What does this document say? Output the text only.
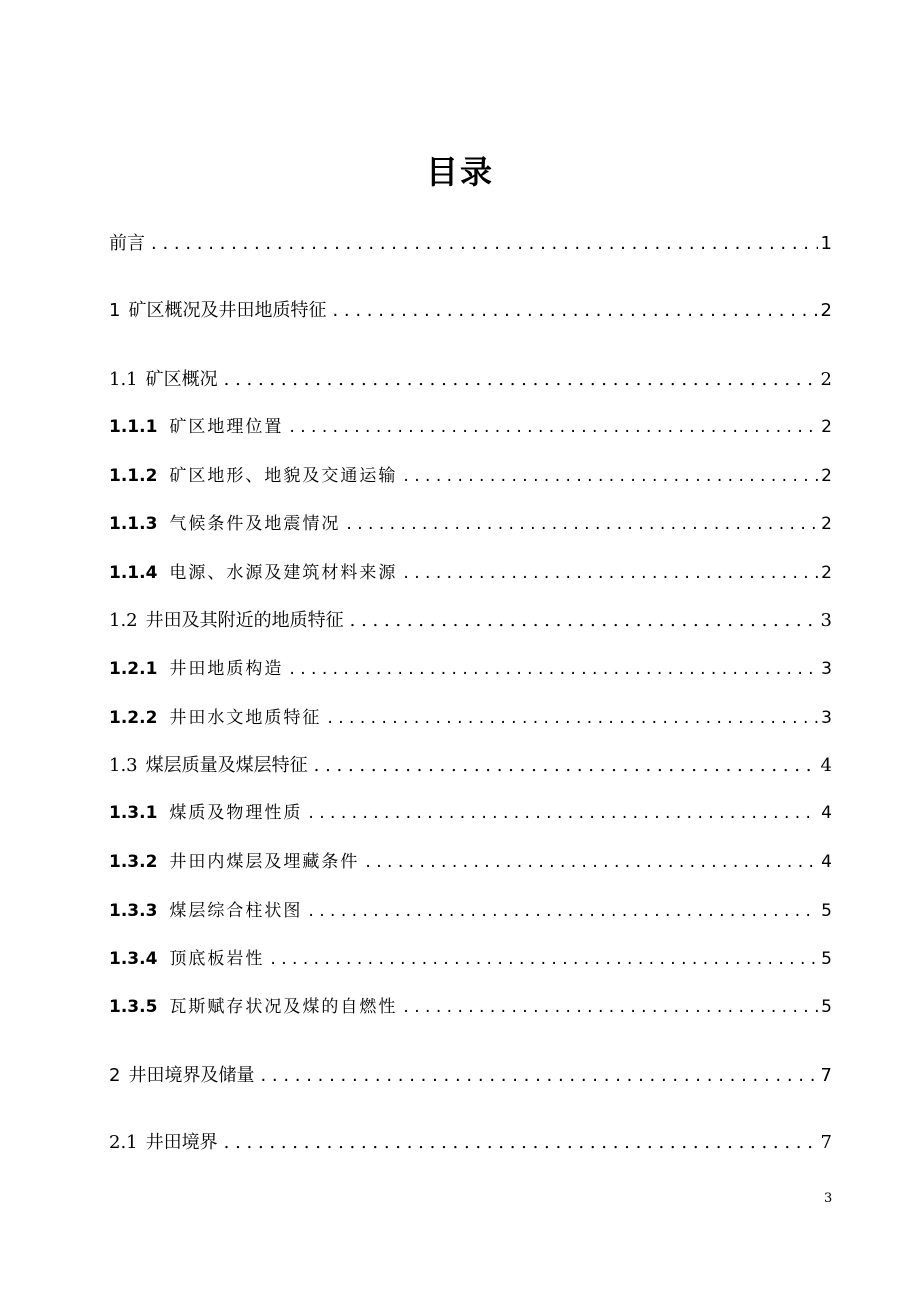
目录
前言 . . .	1
1 矿区概况及井田地质特征 . . .	2
1.1 矿区概况 . . .	2
1.1.1 矿区地理位置 . . .	2
1.1.2 矿区地形、地貌及交通运输 . . .	2
1.1.3 气候条件及地震情况 . . .	2
1.1.4 电源、水源及建筑材料来源 . . .	2
1.2 井田及其附近的地质特征 . . .	3
1.2.1 井田地质构造 . . .	3
1.2.2 井田水文地质特征 . . .	3
1.3 煤层质量及煤层特征 . . .	4
1.3.1 煤质及物理性质 . . .	4
1.3.2 井田内煤层及埋藏条件 . . .	4
1.3.3 煤层综合柱状图 . . .	5
1.3.4 顶底板岩性 . . .	5
1.3.5 瓦斯赋存状况及煤的自燃性 . . .	5
2 井田境界及储量 . . .	7
2.1 井田境界 . . .	7
3
